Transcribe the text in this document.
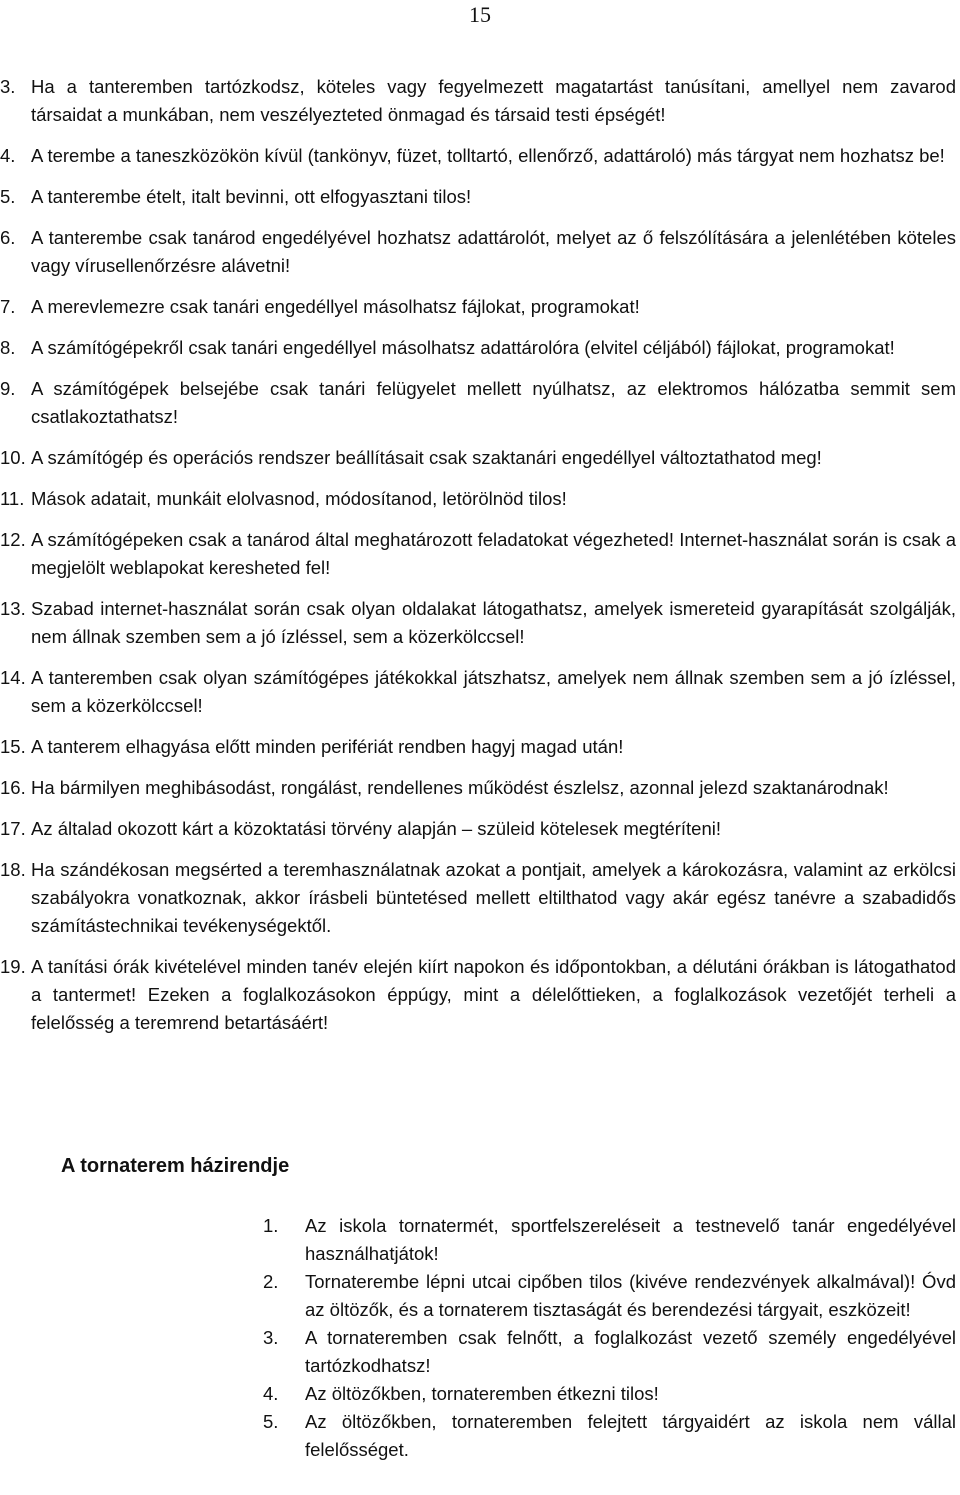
15
3. Ha a tanteremben tartózkodsz, köteles vagy fegyelmezett magatartást tanúsítani, amellyel nem zavarod társaidat a munkában, nem veszélyezteted önmagad és társaid testi épségét!
4. A terembe a taneszközökön kívül (tankönyv, füzet, tolltartó, ellenőrző, adattároló) más tárgyat nem hozhatsz be!
5. A tanterembe ételt, italt bevinni, ott elfogyasztani tilos!
6. A tanterembe csak tanárod engedélyével hozhatsz adattárolót, melyet az ő felszólítására a jelenlétében köteles vagy vírusellenőrzésre alávetni!
7. A merevlemezre csak tanári engedéllyel másolhatsz fájlokat, programokat!
8. A számítógépekről csak tanári engedéllyel másolhatsz adattárolóra (elvitel céljából) fájlokat, programokat!
9. A számítógépek belsejébe csak tanári felügyelet mellett nyúlhatsz, az elektromos hálózatba semmit sem csatlakoztathatsz!
10. A számítógép és operációs rendszer beállításait csak szaktanári engedéllyel változtathatod meg!
11. Mások adatait, munkáit elolvasnod, módosítanod, letörölnöd tilos!
12. A számítógépeken csak a tanárod által meghatározott feladatokat végezheted! Internet-használat során is csak a megjelölt weblapokat keresheted fel!
13. Szabad internet-használat során csak olyan oldalakat látogathatsz, amelyek ismereteid gyarapítását szolgálják, nem állnak szemben sem a jó ízléssel, sem a közerkölccsel!
14. A tanteremben csak olyan számítógépes játékokkal játszhatsz, amelyek nem állnak szemben sem a jó ízléssel, sem a közerkölccsel!
15. A tanterem elhagyása előtt minden perifériát rendben hagyj magad után!
16. Ha bármilyen meghibásodást, rongálást, rendellenes működést észlelsz, azonnal jelezd szaktanárodnak!
17. Az általad okozott kárt a közoktatási törvény alapján – szüleid kötelesek megtéríteni!
18. Ha szándékosan megsérted a teremhasználatnak azokat a pontjait, amelyek a károkozásra, valamint az erkölcsi szabályokra vonatkoznak, akkor írásbeli büntetésed mellett eltilthatod vagy akár egész tanévre a szabadidős számítástechnikai tevékenységektől.
19. A tanítási órák kivételével minden tanév elején kiírt napokon és időpontokban, a délutáni órákban is látogathatod a tantermet! Ezeken a foglalkozásokon éppúgy, mint a délelőttieken, a foglalkozások vezetőjét terheli a felelősség a teremrend betartásáért!
A tornaterem házirendje
1. Az iskola tornatermét, sportfelszereléseit a testnevelő tanár engedélyével használhatjátok!
2. Tornaterembe lépni utcai cipőben tilos (kivéve rendezvények alkalmával)! Óvd az öltözők, és a tornaterem tisztaságát és berendezési tárgyait, eszközeit!
3. A tornateremben csak felnőtt, a foglalkozást vezető személy engedélyével tartózkodhatsz!
4. Az öltözőkben, tornateremben étkezni tilos!
5. Az öltözőkben, tornateremben felejtett tárgyaidért az iskola nem vállal felelősséget.
